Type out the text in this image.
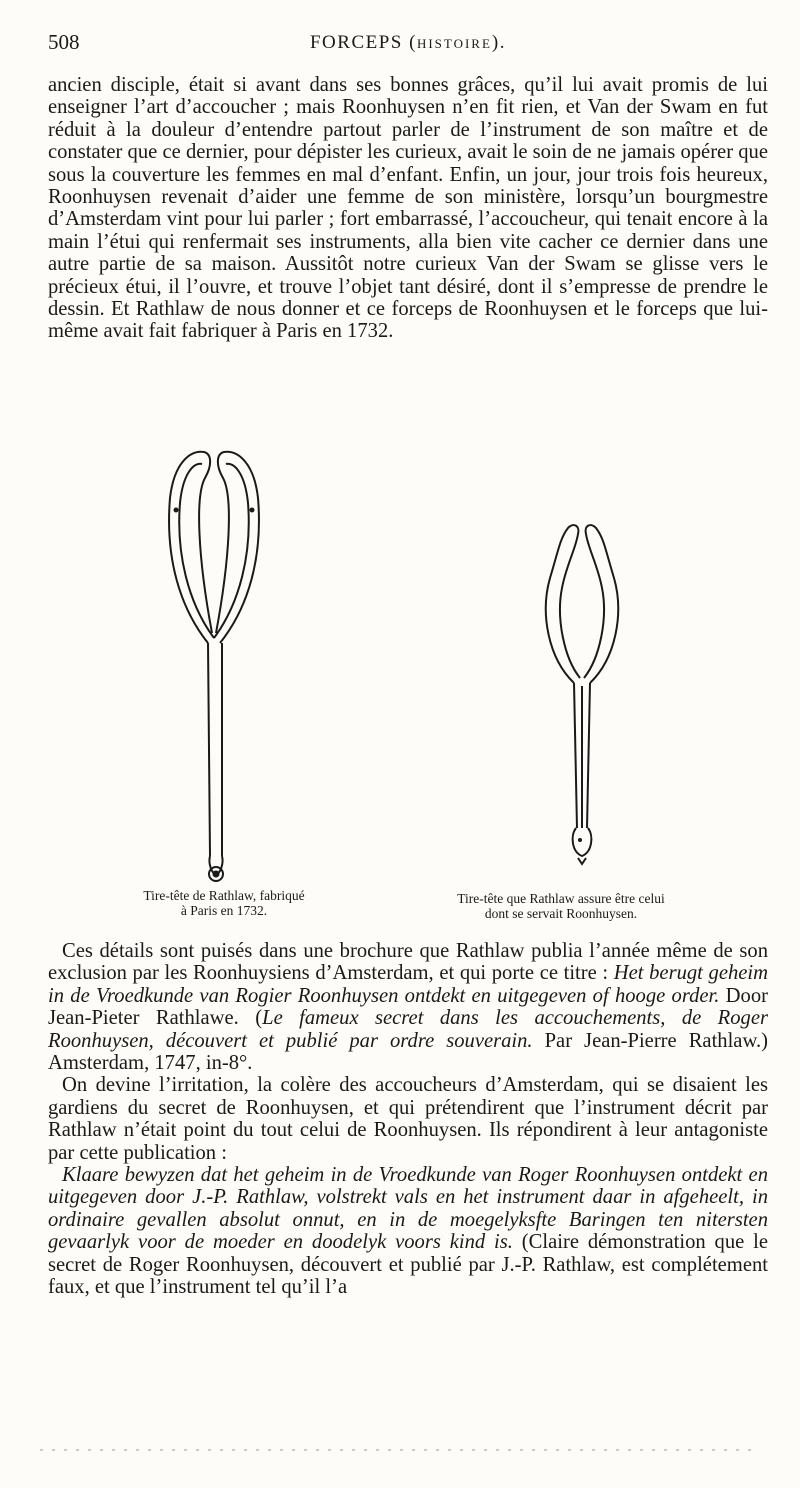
508	FORCEPS (HISTOIRE).

ancien disciple, était si avant dans ses bonnes grâces, qu’il lui avait promis de lui enseigner l’art d’accoucher ; mais Roonhuysen n’en fit rien, et Van der Swam en fut réduit à la douleur d’entendre partout parler de l’instrument de son maître et de constater que ce dernier, pour dépister les curieux, avait le soin de ne jamais opérer que sous la couverture les femmes en mal d’enfant. Enfin, un jour, jour trois fois heureux, Roonhuysen revenait d’aider une femme de son ministère, lorsqu’un bourgmestre d’Amsterdam vint pour lui parler ; fort embarrassé, l’accoucheur, qui tenait encore à la main l’étui qui renfermait ses instruments, alla bien vite cacher ce dernier dans une autre partie de sa maison. Aussitôt notre curieux Van der Swam se glisse vers le précieux étui, il l’ouvre, et trouve l’objet tant désiré, dont il s’empresse de prendre le dessin. Et Rathlaw de nous donner et ce forceps de Roonhuysen et le forceps que lui-même avait fait fabriquer à Paris en 1732.

Tire-tête de Rathlaw, fabriqué
à Paris en 1732.
Tire-tête que Rathlaw assure être celui
dont se servait Roonhuysen.

Ces détails sont puisés dans une brochure que Rathlaw publia l’année même de son exclusion par les Roonhuysiens d’Amsterdam, et qui porte ce titre : Het berugt geheim in de Vroedkunde van Rogier Roonhuysen ontdekt en uitgegeven of hooge order. Door Jean-Pieter Rathlawe. (Le fameux secret dans les accouchements, de Roger Roonhuysen, découvert et publié par ordre souverain. Par Jean-Pierre Rathlaw.) Amsterdam, 1747, in-8°.

On devine l’irritation, la colère des accoucheurs d’Amsterdam, qui se disaient les gardiens du secret de Roonhuysen, et qui prétendirent que l’instrument décrit par Rathlaw n’était point du tout celui de Roonhuysen. Ils répondirent à leur antagoniste par cette publication :

Klaare bewyzen dat het geheim in de Vroedkunde van Roger Roonhuysen ontdekt en uitgegeven door J.-P. Rathlaw, volstrekt vals en het instrument daar in afgeheelt, in ordinaire gevallen absolut onnut, en in de moegelyksfte Baringen ten nitersten gevaarlyk voor de moeder en doodelyk voors kind is. (Claire démonstration que le secret de Roger Roonhuysen, découvert et publié par J.-P. Rathlaw, est complétement faux, et que l’instrument tel qu’il l’a
